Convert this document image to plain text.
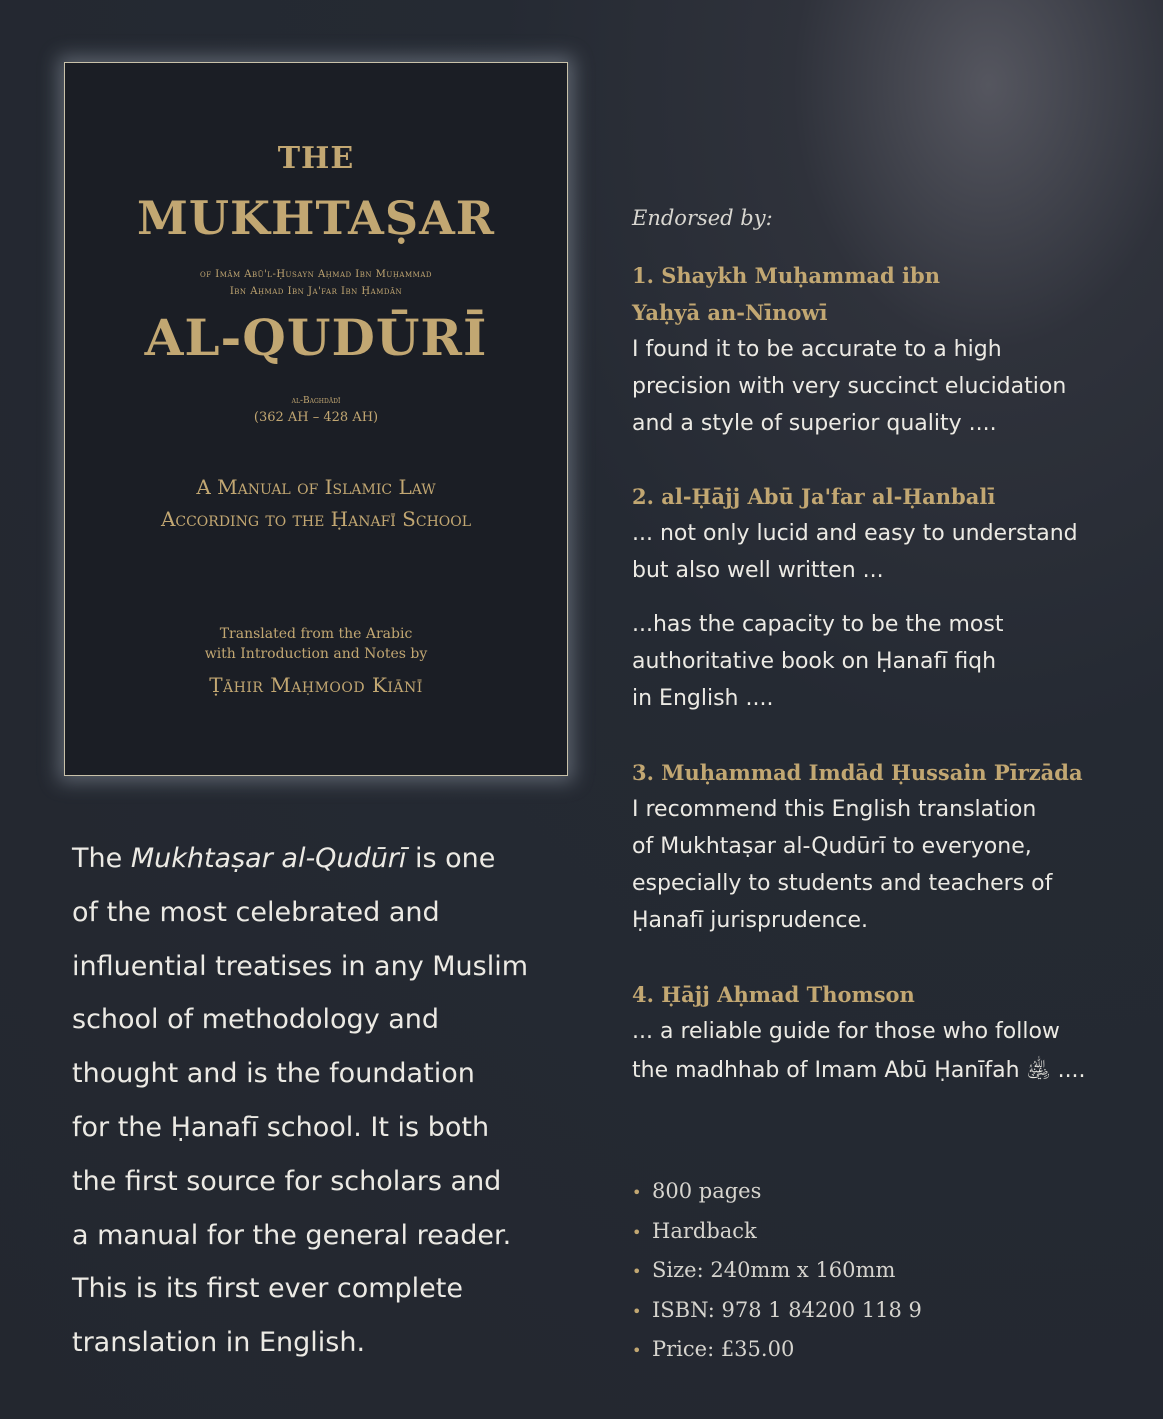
THE
MUKHTAṢAR
of Imām Abū'l-Ḥusayn Aḥmad Ibn Muḥammad
Ibn Aḥmad Ibn Ja'far Ibn Ḥamdān
AL-QUDŪRĪ
al-Baghdādī
(362 AH – 428 AH)
A Manual of Islamic Law
According to the Ḥanafī School
Translated from the Arabic
with Introduction and Notes by
Ṭāhir Maḥmood Kiānī
The Mukhtaṣar al-Qudūrī is one
of the most celebrated and
influential treatises in any Muslim
school of methodology and
thought and is the foundation
for the Ḥanafī school. It is both
the first source for scholars and
a manual for the general reader.
This is its first ever complete
translation in English.
Endorsed by:
1. Shaykh Muḥammad ibn
Yaḥyā an-Nīnowī
I found it to be accurate to a high
precision with very succinct elucidation
and a style of superior quality ....
2. al-Ḥājj Abū Ja'far al-Ḥanbalī
... not only lucid and easy to understand
but also well written ...
...has the capacity to be the most
authoritative book on Ḥanafī fiqh
in English ....
3. Muḥammad Imdād Ḥussain Pīrzāda
I recommend this English translation
of Mukhtaṣar al-Qudūrī to everyone,
especially to students and teachers of
Ḥanafī jurisprudence.
4. Ḥājj Aḥmad Thomson
... a reliable guide for those who follow
the madhhab of Imam Abū Ḥanīfah ﵁ ....
• 800 pages
• Hardback
• Size: 240mm x 160mm
• ISBN: 978 1 84200 118 9
• Price: £35.00
